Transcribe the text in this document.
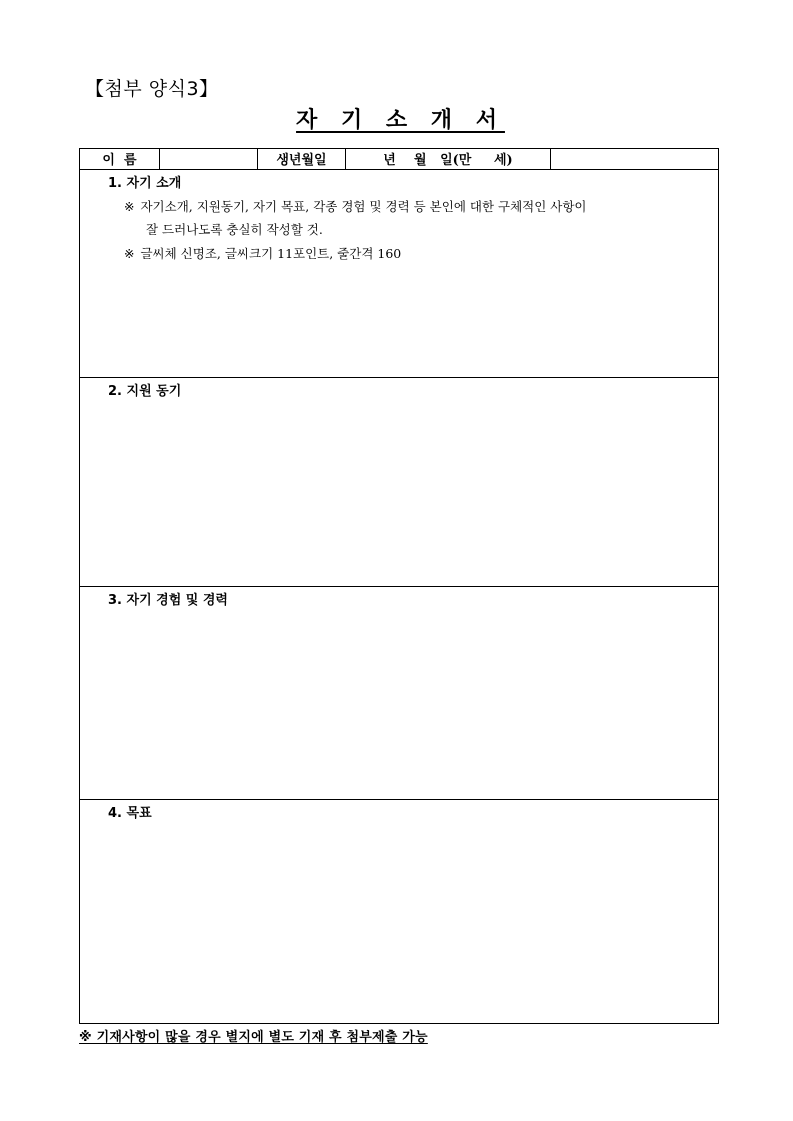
【첨부 양식3】
자 기 소 개 서
이  름		생년월일	년    월   일(만     세)	

1. 자기 소개
※ 자기소개, 지원동기, 자기 목표, 각종 경험 및 경력 등 본인에 대한 구체적인 사항이
잘 드러나도록 충실히 작성할 것.
※ 글씨체 신명조, 글씨크기 11포인트, 줄간격 160

2. 지원 동기

3. 자기 경험 및 경력

4. 목표
※ 기재사항이 많을 경우 별지에 별도 기재 후 첨부제출 가능
